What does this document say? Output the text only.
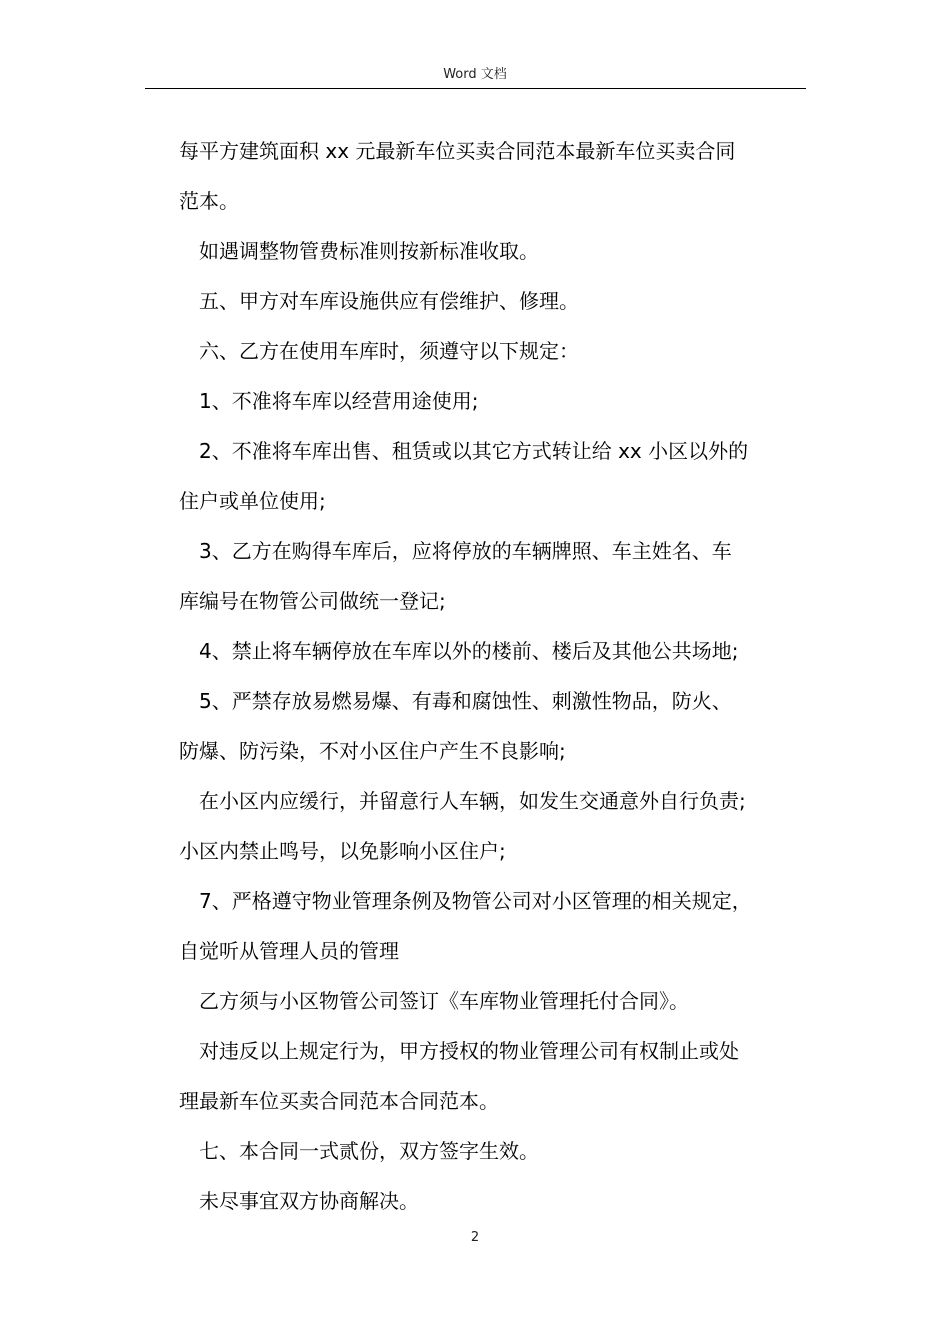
Word 文档

每平方建筑面积 xx 元最新车位买卖合同范本最新车位买卖合同

范本。

如遇调整物管费标准则按新标准收取。

五、甲方对车库设施供应有偿维护、修理。

六、乙方在使用车库时，须遵守以下规定：

1、不准将车库以经营用途使用;

2、不准将车库出售、租赁或以其它方式转让给 xx 小区以外的

住户或单位使用;

3、乙方在购得车库后，应将停放的车辆牌照、车主姓名、车

库编号在物管公司做统一登记;

4、禁止将车辆停放在车库以外的楼前、楼后及其他公共场地;

5、严禁存放易燃易爆、有毒和腐蚀性、刺激性物品，防火、

防爆、防污染，不对小区住户产生不良影响;

在小区内应缓行，并留意行人车辆，如发生交通意外自行负责;

小区内禁止鸣号，以免影响小区住户;

7、严格遵守物业管理条例及物管公司对小区管理的相关规定，

自觉听从管理人员的管理

乙方须与小区物管公司签订《车库物业管理托付合同》。

对违反以上规定行为，甲方授权的物业管理公司有权制止或处

理最新车位买卖合同范本合同范本。

七、本合同一式贰份，双方签字生效。

未尽事宜双方协商解决。

2
